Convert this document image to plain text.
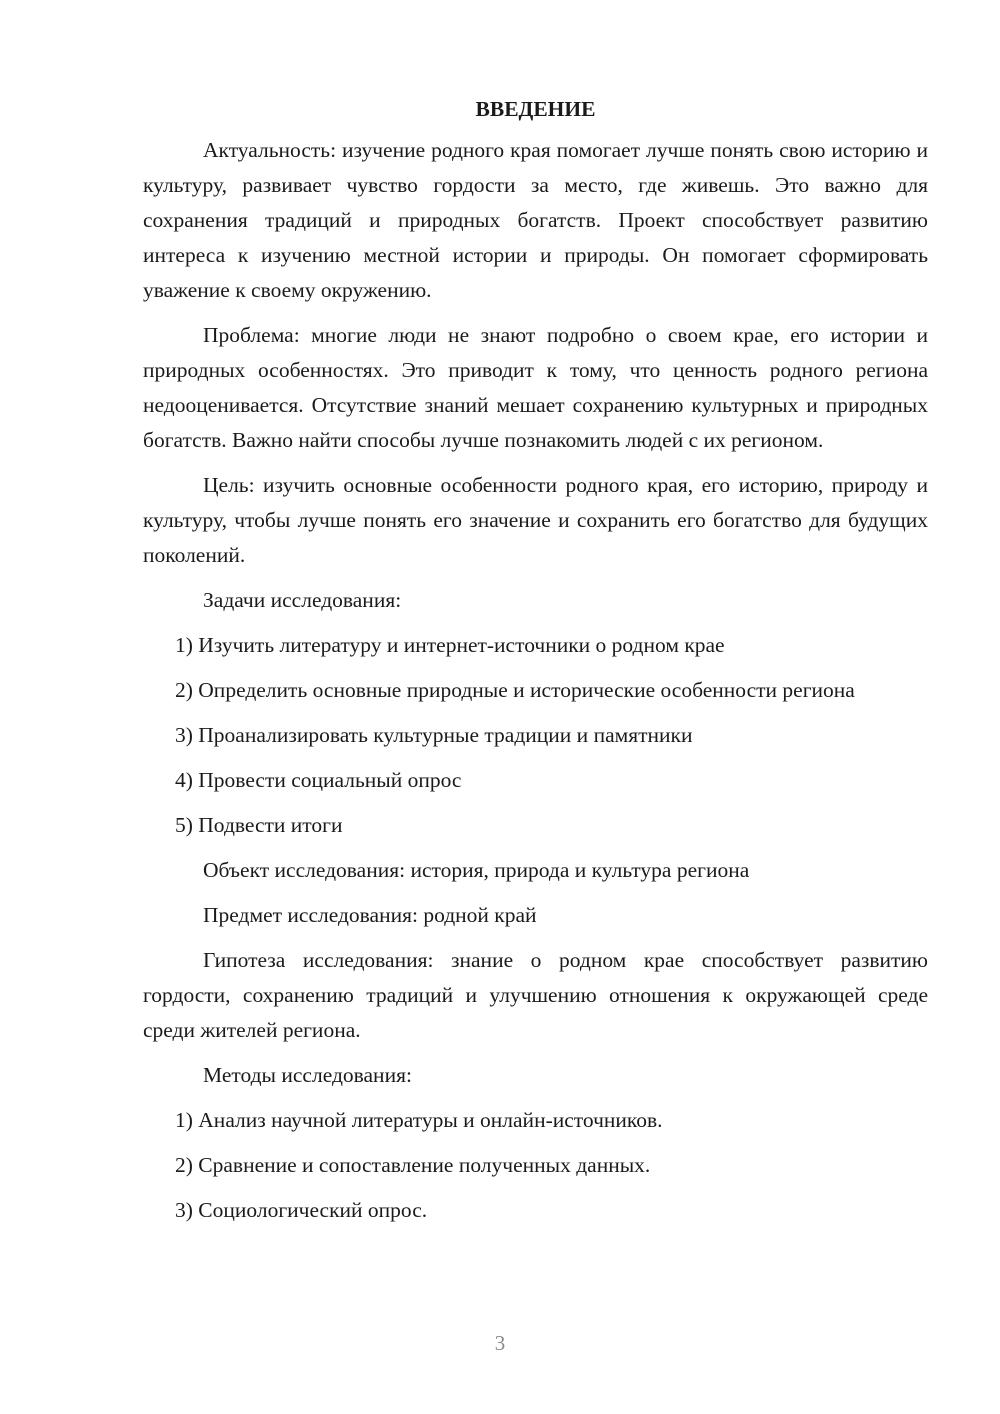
ВВЕДЕНИЕ

Актуальность: изучение родного края помогает лучше понять свою историю и культуру, развивает чувство гордости за место, где живешь. Это важно для сохранения традиций и природных богатств. Проект способствует развитию интереса к изучению местной истории и природы. Он помогает сформировать уважение к своему окружению.

Проблема: многие люди не знают подробно о своем крае, его истории и природных особенностях. Это приводит к тому, что ценность родного региона недооценивается. Отсутствие знаний мешает сохранению культурных и природных богатств. Важно найти способы лучше познакомить людей с их регионом.

Цель: изучить основные особенности родного края, его историю, природу и культуру, чтобы лучше понять его значение и сохранить его богатство для будущих поколений.

Задачи исследования:

1) Изучить литературу и интернет-источники о родном крае

2) Определить основные природные и исторические особенности региона

3) Проанализировать культурные традиции и памятники

4) Провести социальный опрос

5) Подвести итоги

Объект исследования: история, природа и культура региона

Предмет исследования: родной край

Гипотеза исследования: знание о родном крае способствует развитию гордости, сохранению традиций и улучшению отношения к окружающей среде среди жителей региона.

Методы исследования:

1) Анализ научной литературы и онлайн-источников.

2) Сравнение и сопоставление полученных данных.

3) Социологический опрос.

3
